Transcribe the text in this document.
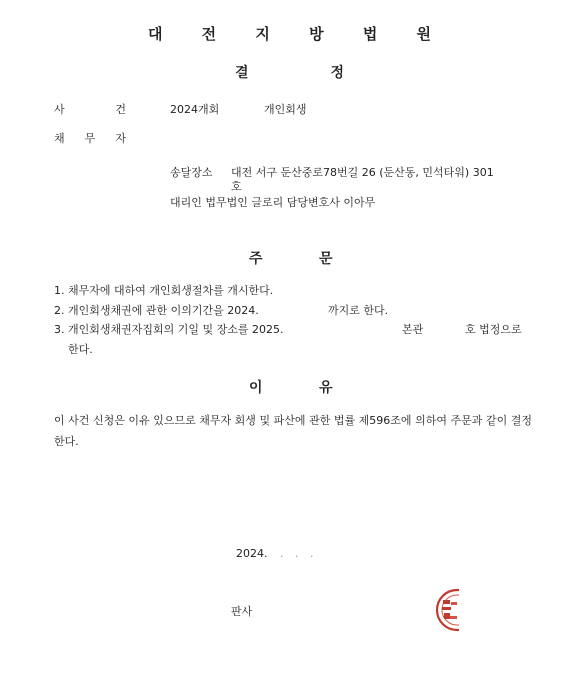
대 전 지 방 법 원
결	정
사	건	2024개회	개인회생
채 무 자
송달장소 대전 서구 둔산중로78번길 26 (둔산동, 민석타워) 301
호
대리인 법무법인 글로리 담당변호사 이아무
주	문
1. 채무자에 대하여 개인회생절차를 개시한다.
2. 개인회생채권에 관한 이의기간을 2024.	까지로 한다.
3. 개인회생채권자집회의 기일 및 장소를 2025.	본관	호 법정으로
한다.
이	유
이 사건 신청은 이유 있으므로 채무자 회생 및 파산에 관한 법률 제596조에 의하여 주문과 같이 결정한다.
2024. . . .
판사
